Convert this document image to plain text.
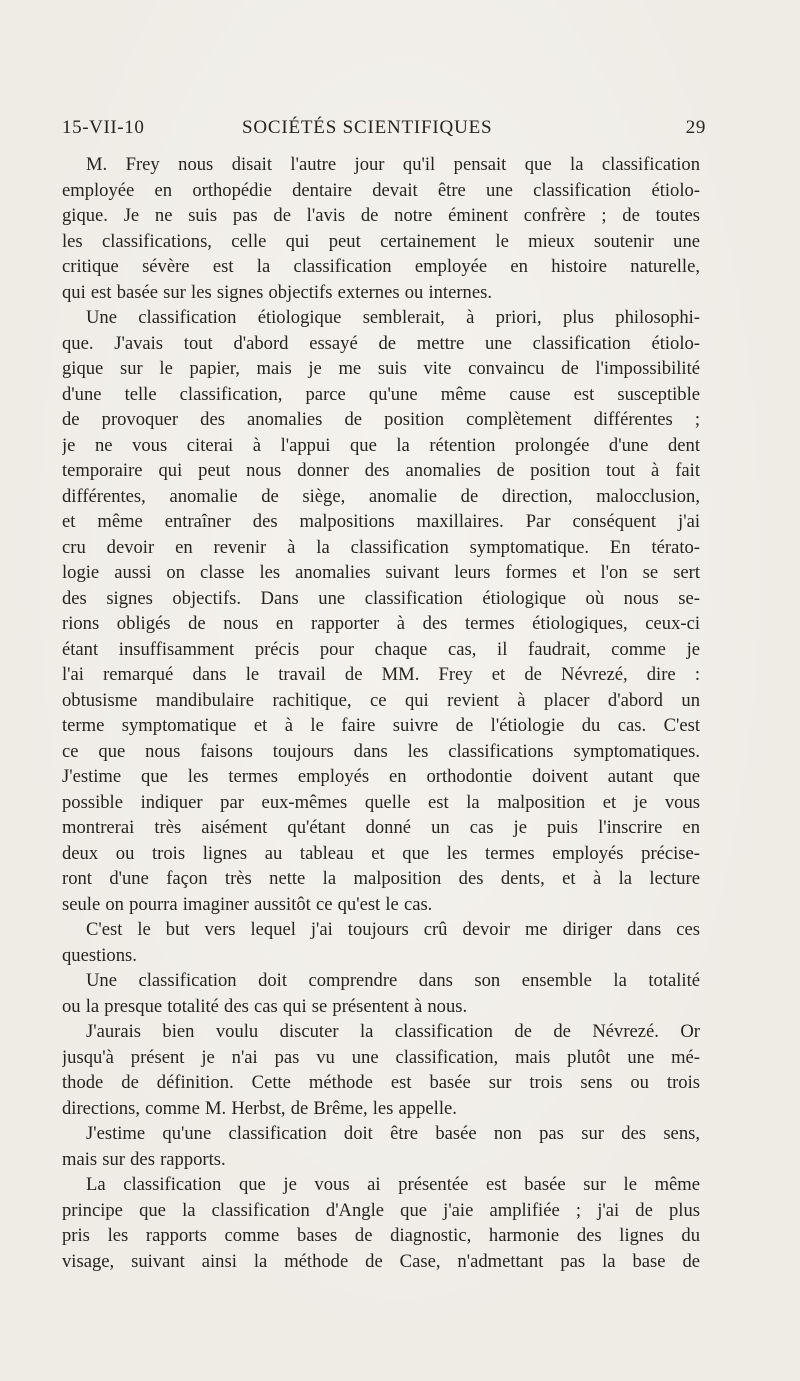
15-VII-10	SOCIÉTÉS SCIENTIFIQUES	29
M. Frey nous disait l'autre jour qu'il pensait que la classification
employée en orthopédie dentaire devait être une classification étiolo-
gique. Je ne suis pas de l'avis de notre éminent confrère ; de toutes
les classifications, celle qui peut certainement le mieux soutenir une
critique sévère est la classification employée en histoire naturelle,
qui est basée sur les signes objectifs externes ou internes.
Une classification étiologique semblerait, à priori, plus philosophi-
que. J'avais tout d'abord essayé de mettre une classification étiolo-
gique sur le papier, mais je me suis vite convaincu de l'impossibilité
d'une telle classification, parce qu'une même cause est susceptible
de provoquer des anomalies de position complètement différentes ;
je ne vous citerai à l'appui que la rétention prolongée d'une dent
temporaire qui peut nous donner des anomalies de position tout à fait
différentes, anomalie de siège, anomalie de direction, malocclusion,
et même entraîner des malpositions maxillaires. Par conséquent j'ai
cru devoir en revenir à la classification symptomatique. En térato-
logie aussi on classe les anomalies suivant leurs formes et l'on se sert
des signes objectifs. Dans une classification étiologique où nous se-
rions obligés de nous en rapporter à des termes étiologiques, ceux-ci
étant insuffisamment précis pour chaque cas, il faudrait, comme je
l'ai remarqué dans le travail de MM. Frey et de Névrezé, dire :
obtusisme mandibulaire rachitique, ce qui revient à placer d'abord un
terme symptomatique et à le faire suivre de l'étiologie du cas. C'est
ce que nous faisons toujours dans les classifications symptomatiques.
J'estime que les termes employés en orthodontie doivent autant que
possible indiquer par eux-mêmes quelle est la malposition et je vous
montrerai très aisément qu'étant donné un cas je puis l'inscrire en
deux ou trois lignes au tableau et que les termes employés précise-
ront d'une façon très nette la malposition des dents, et à la lecture
seule on pourra imaginer aussitôt ce qu'est le cas.
C'est le but vers lequel j'ai toujours crû devoir me diriger dans ces
questions.
Une classification doit comprendre dans son ensemble la totalité
ou la presque totalité des cas qui se présentent à nous.
J'aurais bien voulu discuter la classification de de Névrezé. Or
jusqu'à présent je n'ai pas vu une classification, mais plutôt une mé-
thode de définition. Cette méthode est basée sur trois sens ou trois
directions, comme M. Herbst, de Brême, les appelle.
J'estime qu'une classification doit être basée non pas sur des sens,
mais sur des rapports.
La classification que je vous ai présentée est basée sur le même
principe que la classification d'Angle que j'aie amplifiée ; j'ai de plus
pris les rapports comme bases de diagnostic, harmonie des lignes du
visage, suivant ainsi la méthode de Case, n'admettant pas la base de
